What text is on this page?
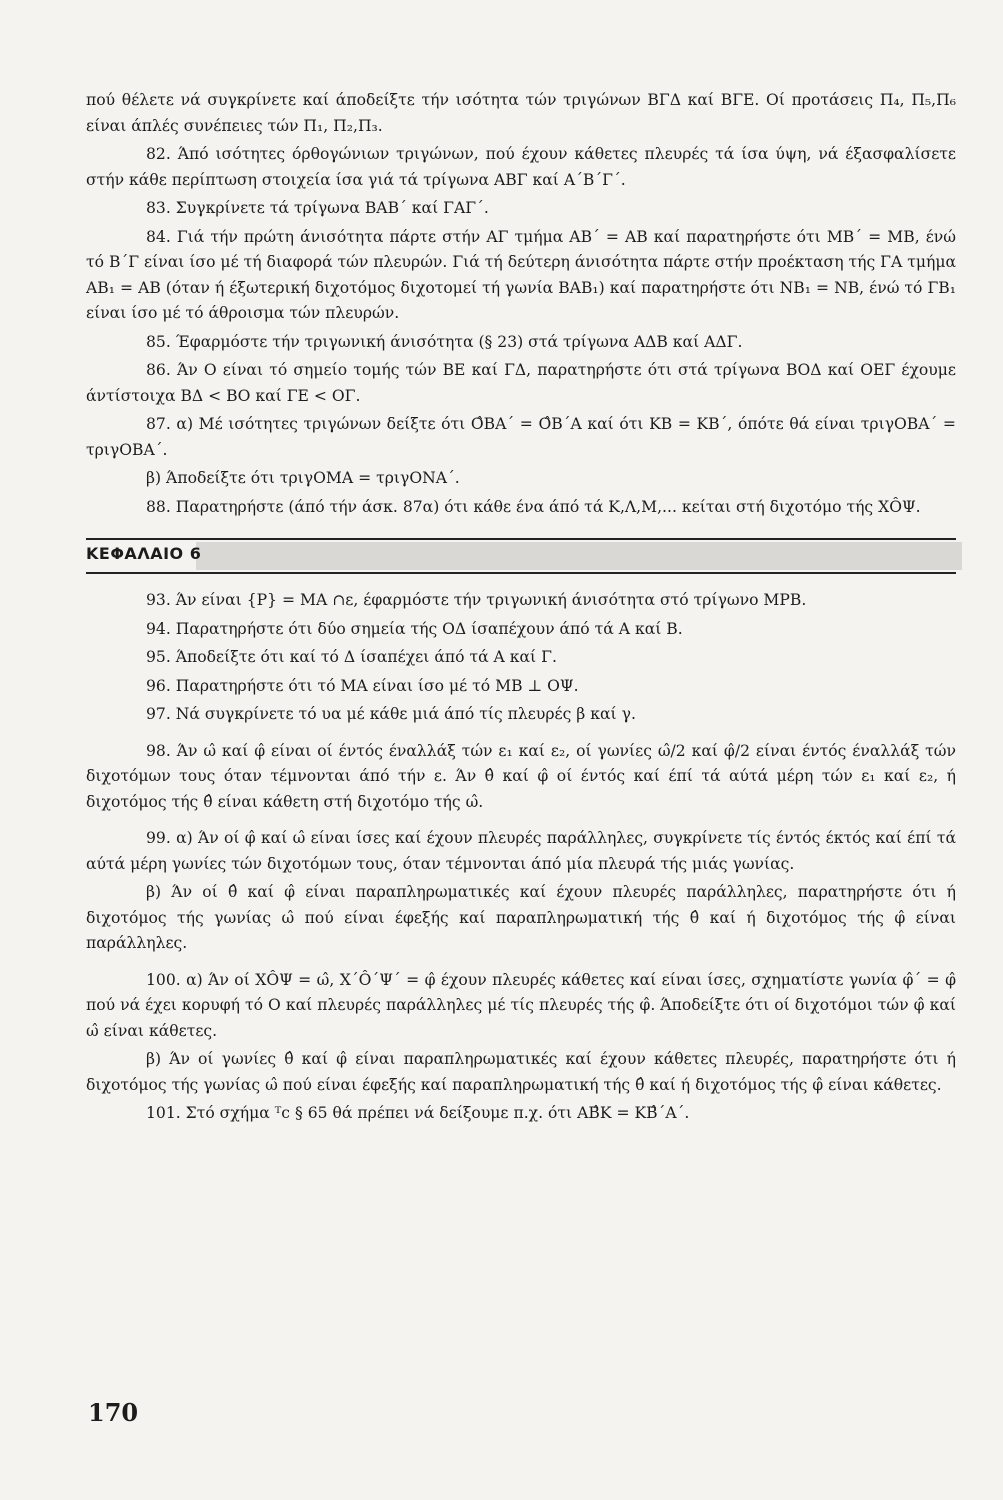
πού θέλετε νά συγκρίνετε καί άποδείξτε τήν ισότητα τών τριγώνων ΒΓΔ καί ΒΓΕ. Οί προτάσεις Π₄, Π₅,Π₆ είναι άπλές συνέπειες τών Π₁, Π₂,Π₃.

82. Άπό ισότητες όρθογώνιων τριγώνων, πού έχουν κάθετες πλευρές τά ίσα ύψη, νά έξασφαλίσετε στήν κάθε περίπτωση στοιχεία ίσα γιά τά τρίγωνα ΑΒΓ καί Α΄Β΄Γ΄.

83. Συγκρίνετε τά τρίγωνα ΒΑΒ΄ καί ΓΑΓ΄.

84. Γιά τήν πρώτη άνισότητα πάρτε στήν ΑΓ τμήμα ΑΒ΄ = ΑΒ καί παρατηρήστε ότι ΜΒ΄ = ΜΒ, ένώ τό Β΄Γ είναι ίσο μέ τή διαφορά τών πλευρών. Γιά τή δεύτερη άνισότητα πάρτε στήν προέκταση τής ΓΑ τμήμα ΑΒ₁ = ΑΒ (όταν ή έξωτερική διχοτόμος διχοτομεί τή γωνία ΒΑΒ₁) καί παρατηρήστε ότι ΝΒ₁ = ΝΒ, ένώ τό ΓΒ₁ είναι ίσο μέ τό άθροισμα τών πλευρών.

85. Έφαρμόστε τήν τριγωνική άνισότητα (§ 23) στά τρίγωνα ΑΔΒ καί ΑΔΓ.

86. Άν Ο είναι τό σημείο τομής τών ΒΕ καί ΓΔ, παρατηρήστε ότι στά τρίγωνα ΒΟΔ καί ΟΕΓ έχουμε άντίστοιχα ΒΔ < ΒΟ καί ΓΕ < ΟΓ.

87. α) Μέ ισότητες τριγώνων δείξτε ότι Ο̂ΒΑ΄ = Ο̂Β΄Α καί ότι ΚΒ = ΚΒ΄, όπότε θά είναι τριγΟΒΑ΄ = τριγΟΒΑ΄.

β) Άποδείξτε ότι τριγΟΜΑ = τριγΟΝΑ΄.

88. Παρατηρήστε (άπό τήν άσκ. 87α) ότι κάθε ένα άπό τά Κ,Λ,Μ,... κείται στή διχοτόμο τής ΧÔΨ.

ΚΕΦΑΛΑΙΟ 6

93. Άν είναι {Ρ} = ΜΑ ∩ε, έφαρμόστε τήν τριγωνική άνισότητα στό τρίγωνο ΜΡΒ.

94. Παρατηρήστε ότι δύο σημεία τής ΟΔ ίσαπέχουν άπό τά Α καί Β.

95. Άποδείξτε ότι καί τό Δ ίσαπέχει άπό τά Α καί Γ.

96. Παρατηρήστε ότι τό ΜΑ είναι ίσο μέ τό ΜΒ ⊥ ΟΨ.

97. Νά συγκρίνετε τό υα μέ κάθε μιά άπό τίς πλευρές β καί γ.

98. Άν ω̂ καί φ̂ είναι οί έντός έναλλάξ τών ε₁ καί ε₂, οί γωνίες ω̂/2 καί φ̂/2 είναι έντός έναλλάξ τών διχοτόμων τους όταν τέμνονται άπό τήν ε. Άν θ̂ καί φ̂ οί έντός καί έπί τά αύτά μέρη τών ε₁ καί ε₂, ή διχοτόμος τής θ̂ είναι κάθετη στή διχοτόμο τής ω̂.

99. α) Άν οί φ̂ καί ω̂ είναι ίσες καί έχουν πλευρές παράλληλες, συγκρίνετε τίς έντός έκτός καί έπί τά αύτά μέρη γωνίες τών διχοτόμων τους, όταν τέμνονται άπό μία πλευρά τής μιάς γωνίας.

β) Άν οί θ̂ καί φ̂ είναι παραπληρωματικές καί έχουν πλευρές παράλληλες, παρατηρήστε ότι ή διχοτόμος τής γωνίας ω̂ πού είναι έφεξής καί παραπληρωματική τής θ̂ καί ή διχοτόμος τής φ̂ είναι παράλληλες.

100. α) Άν οί ΧÔΨ = ω̂, Χ΄Ô΄Ψ΄ = φ̂ έχουν πλευρές κάθετες καί είναι ίσες, σχηματίστε γωνία φ̂΄ = φ̂ πού νά έχει κορυφή τό Ο καί πλευρές παράλληλες μέ τίς πλευρές τής φ̂. Άποδείξτε ότι οί διχοτόμοι τών φ̂ καί ω̂ είναι κάθετες.

β) Άν οί γωνίες θ̂ καί φ̂ είναι παραπληρωματικές καί έχουν κάθετες πλευρές, παρατηρήστε ότι ή διχοτόμος τής γωνίας ω̂ πού είναι έφεξής καί παραπληρωματική τής θ̂ καί ή διχοτόμος τής φ̂ είναι κάθετες.

101. Στό σχήμα ᵀc § 65 θά πρέπει νά δείξουμε π.χ. ότι ΑΒ̂Κ = ΚΒ̂΄Α΄.

170
